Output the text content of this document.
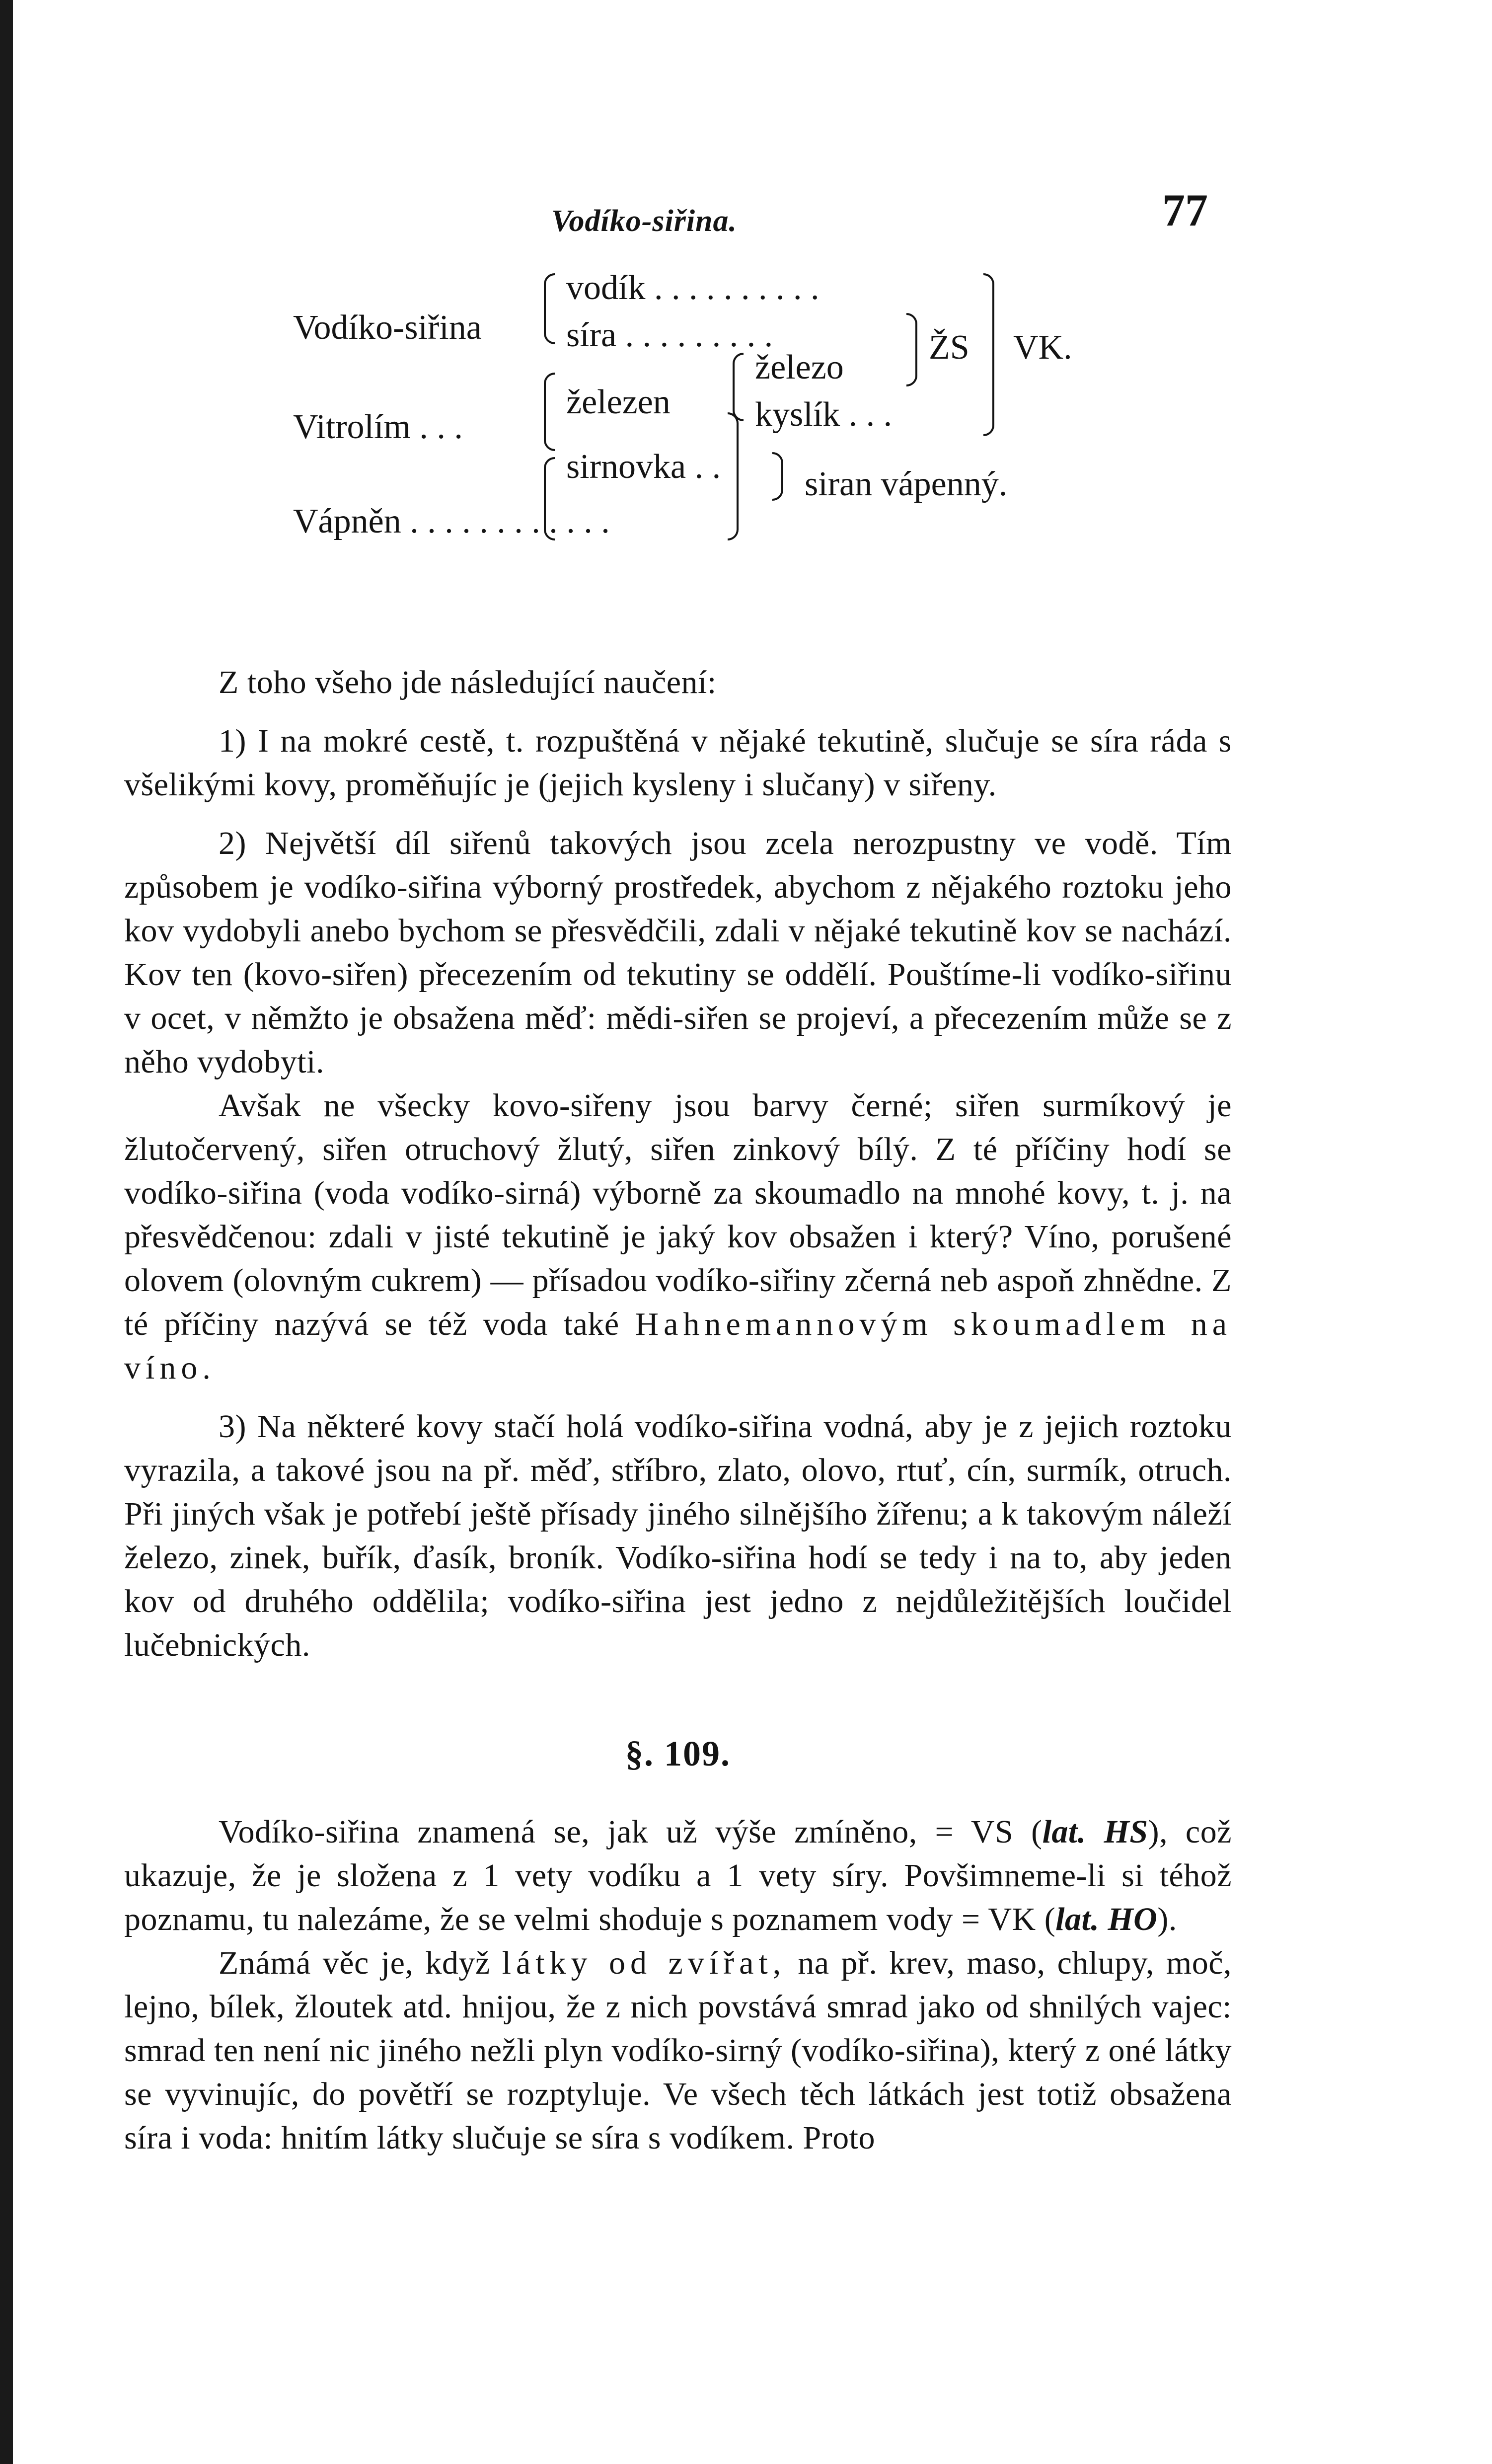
Vodíko-siřina.	77
Vodíko-siřina
vodík . . . . . . . . . .
síra . . . . . . . . .
železo
ŽS VK.
Vitrolím . . .
železen kyslík . . .
sirnovka . . siran vápenný.
Vápněn . . . . . . . . . . . .

Z toho všeho jde následující naučení:

1) I na mokré cestě, t. rozpuštěná v nějaké tekutině, slučuje se síra ráda s všelikými kovy, proměňujíc je (jejich kysleny i slučany) v siřeny.

2) Největší díl siřenů takových jsou zcela nerozpustny ve vodě. Tím způsobem je vodíko-siřina výborný prostředek, abychom z nějakého roztoku jeho kov vydobyli anebo bychom se přesvědčili, zdali v nějaké tekutině kov se nachází. Kov ten (kovo-siřen) přecezením od tekutiny se oddělí. Pouštíme-li vodíko-siřinu v ocet, v němžto je obsažena měď: mědi-siřen se projeví, a přecezením může se z něho vydobyti.

Avšak ne všecky kovo-siřeny jsou barvy černé; siřen surmíkový je žlutočervený, siřen otruchový žlutý, siřen zinkový bílý. Z té příčiny hodí se vodíko-siřina (voda vodíko-sirná) výborně za skoumadlo na mnohé kovy, t. j. na přesvědčenou: zdali v jisté tekutině je jaký kov obsažen i který? Víno, porušené olovem (olovným cukrem) — přísadou vodíko-siřiny zčerná neb aspoň zhnědne. Z té příčiny nazývá se též voda také Hahnemannovým skoumadlem na víno.

3) Na některé kovy stačí holá vodíko-siřina vodná, aby je z jejich roztoku vyrazila, a takové jsou na př. měď, stříbro, zlato, olovo, rtuť, cín, surmík, otruch. Při jiných však je potřebí ještě přísady jiného silnějšího žířenu; a k takovým náleží železo, zinek, buřík, ďasík, broník. Vodíko-siřina hodí se tedy i na to, aby jeden kov od druhého oddělila; vodíko-siřina jest jedno z nejdůležitějších loučidel lučebnických.

§. 109.

Vodíko-siřina znamená se, jak už výše zmíněno, = VS (lat. HS), což ukazuje, že je složena z 1 vety vodíku a 1 vety síry. Povšimneme-li si téhož poznamu, tu nalezáme, že se velmi shoduje s poznamem vody = VK (lat. HO).

Známá věc je, když látky od zvířat, na př. krev, maso, chlupy, moč, lejno, bílek, žloutek atd. hnijou, že z nich povstává smrad jako od shnilých vajec: smrad ten není nic jiného nežli plyn vodíko-sirný (vodíko-siřina), který z oné látky se vyvinujíc, do povětří se rozptyluje. Ve všech těch látkách jest totiž obsažena síra i voda: hnitím látky slučuje se síra s vodíkem. Proto
